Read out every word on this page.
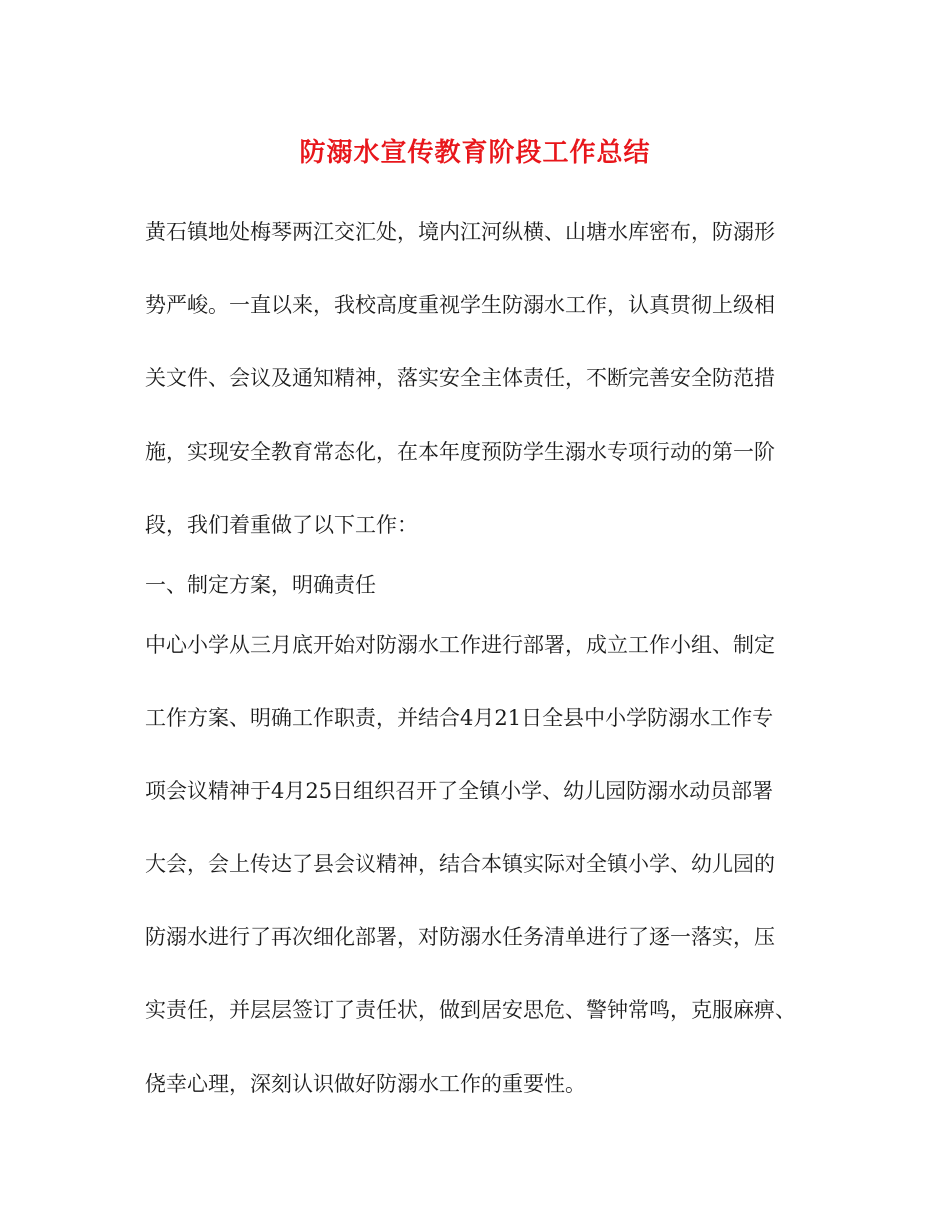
防溺水宣传教育阶段工作总结
黄石镇地处梅琴两江交汇处，境内江河纵横、山塘水库密布，防溺形
势严峻。一直以来，我校高度重视学生防溺水工作，认真贯彻上级相
关文件、会议及通知精神，落实安全主体责任，不断完善安全防范措
施，实现安全教育常态化，在本年度预防学生溺水专项行动的第一阶
段，我们着重做了以下工作：
一、制定方案，明确责任
中心小学从三月底开始对防溺水工作进行部署，成立工作小组、制定
工作方案、明确工作职责，并结合4月21日全县中小学防溺水工作专
项会议精神于4月25日组织召开了全镇小学、幼儿园防溺水动员部署
大会，会上传达了县会议精神，结合本镇实际对全镇小学、幼儿园的
防溺水进行了再次细化部署，对防溺水任务清单进行了逐一落实，压
实责任，并层层签订了责任状，做到居安思危、警钟常鸣，克服麻痹、
侥幸心理，深刻认识做好防溺水工作的重要性。
